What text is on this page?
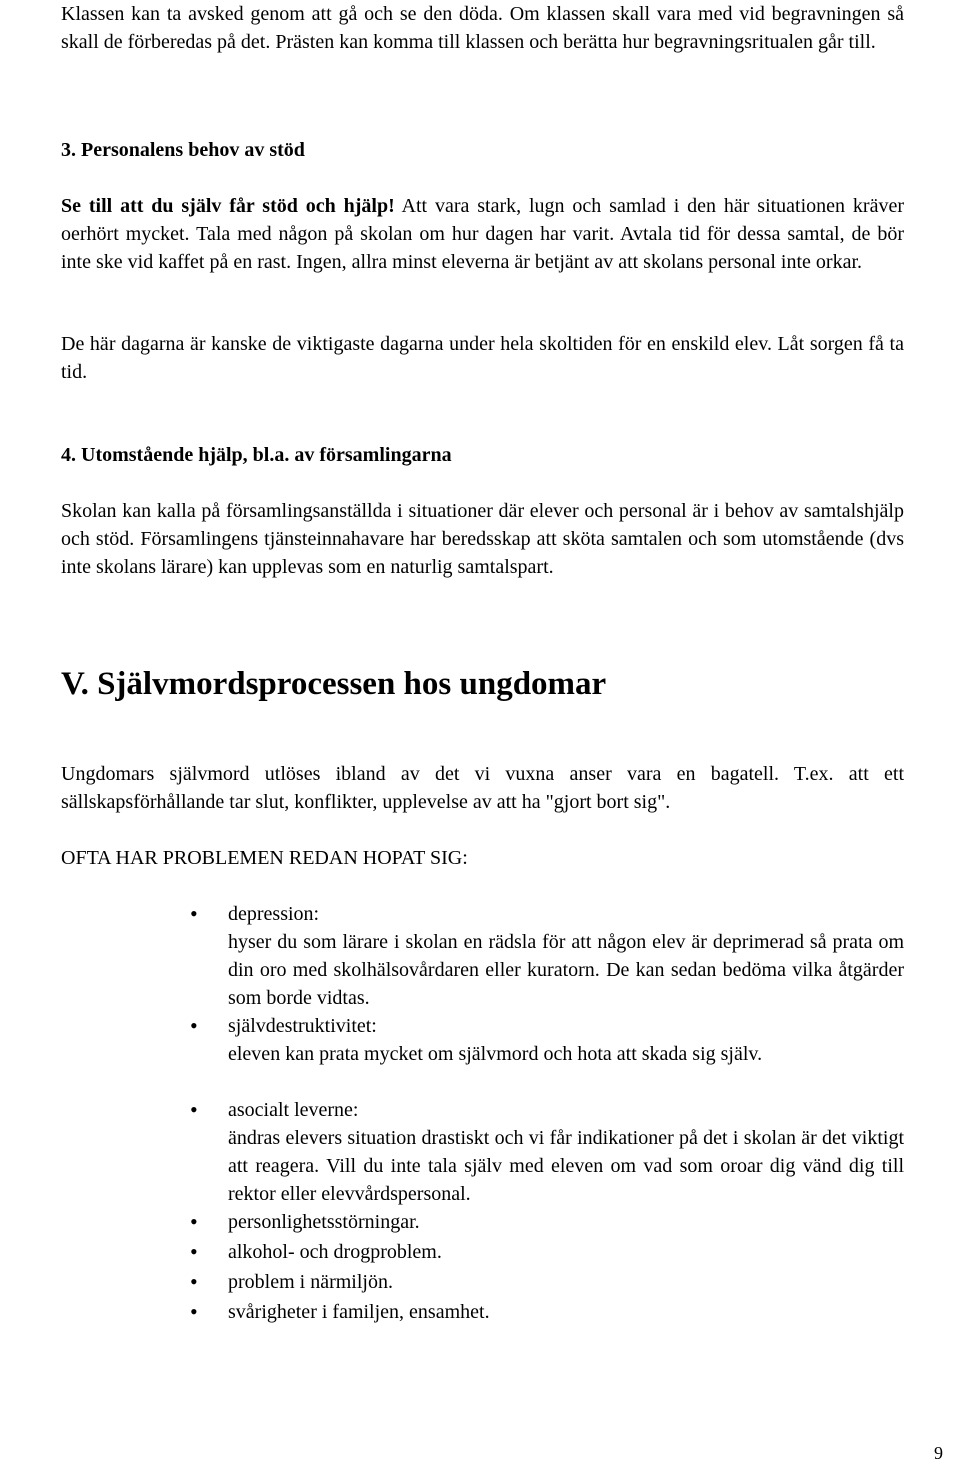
Klassen kan ta avsked genom att gå och se den döda. Om klassen skall vara med vid begravningen så skall de förberedas på det. Prästen kan komma till klassen och berätta hur begravningsritualen går till.

3. Personalens behov av stöd

Se till att du själv får stöd och hjälp! Att vara stark, lugn och samlad i den här situationen kräver oerhört mycket. Tala med någon på skolan om hur dagen har varit. Avtala tid för dessa samtal, de bör inte ske vid kaffet på en rast. Ingen, allra minst eleverna är betjänt av att skolans personal inte orkar.

De här dagarna är kanske de viktigaste dagarna under hela skoltiden för en enskild elev. Låt sorgen få ta tid.

4. Utomstående hjälp, bl.a. av församlingarna

Skolan kan kalla på församlingsanställda i situationer där elever och personal är i behov av samtalshjälp och stöd. Församlingens tjänsteinnahavare har beredsskap att sköta samtalen och som utomstående (dvs inte skolans lärare) kan upplevas som en naturlig samtalspart.

V. Självmordsprocessen hos ungdomar

Ungdomars självmord utlöses ibland av det vi vuxna anser vara en bagatell. T.ex. att ett sällskapsförhållande tar slut, konflikter, upplevelse av att ha "gjort bort sig".

OFTA HAR PROBLEMEN REDAN HOPAT SIG:

• depression:
hyser du som lärare i skolan en rädsla för att någon elev är deprimerad så prata om din oro med skolhälsovårdaren eller kuratorn. De kan sedan bedöma vilka åtgärder som borde vidtas.

• självdestruktivitet:
eleven kan prata mycket om självmord och hota att skada sig själv.

• asocialt leverne:
ändras elevers situation drastiskt och vi får indikationer på det i skolan är det viktigt att reagera. Vill du inte tala själv med eleven om vad som oroar dig vänd dig till rektor eller elevvårdspersonal.

• personlighetsstörningar.

• alkohol- och drogproblem.

• problem i närmiljön.

• svårigheter i familjen, ensamhet.

9
